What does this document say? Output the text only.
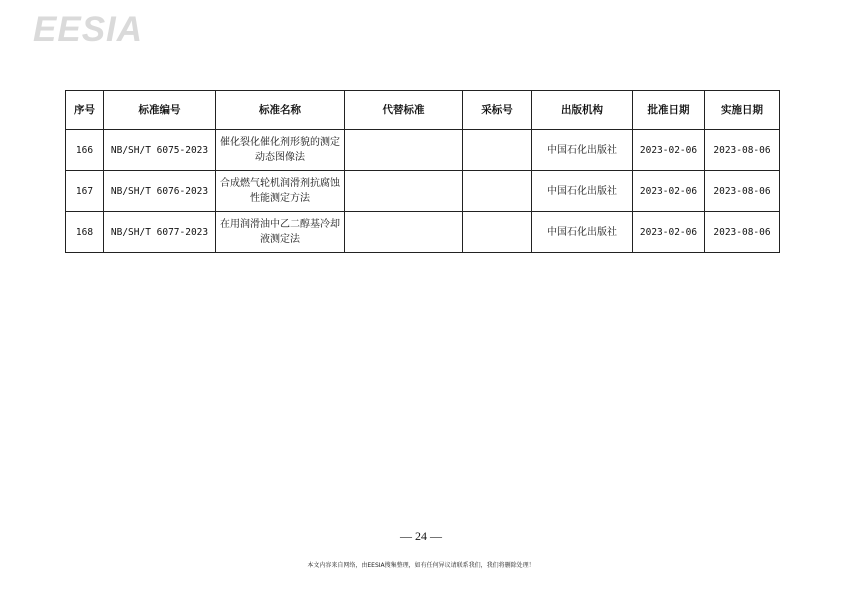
EESIA
序号	标准编号	标准名称	代替标准	采标号	出版机构	批准日期	实施日期
166	NB/SH/T 6075-2023	催化裂化催化剂形貌的测定 动态图像法			中国石化出版社	2023-02-06	2023-08-06
167	NB/SH/T 6076-2023	合成燃气轮机润滑剂抗腐蚀性能测定方法			中国石化出版社	2023-02-06	2023-08-06
168	NB/SH/T 6077-2023	在用润滑油中乙二醇基冷却液测定法			中国石化出版社	2023-02-06	2023-08-06
— 24 —
本文内容来自网络，由EESIA搜集整理，如有任何异议请联系我们，我们将删除处理！
